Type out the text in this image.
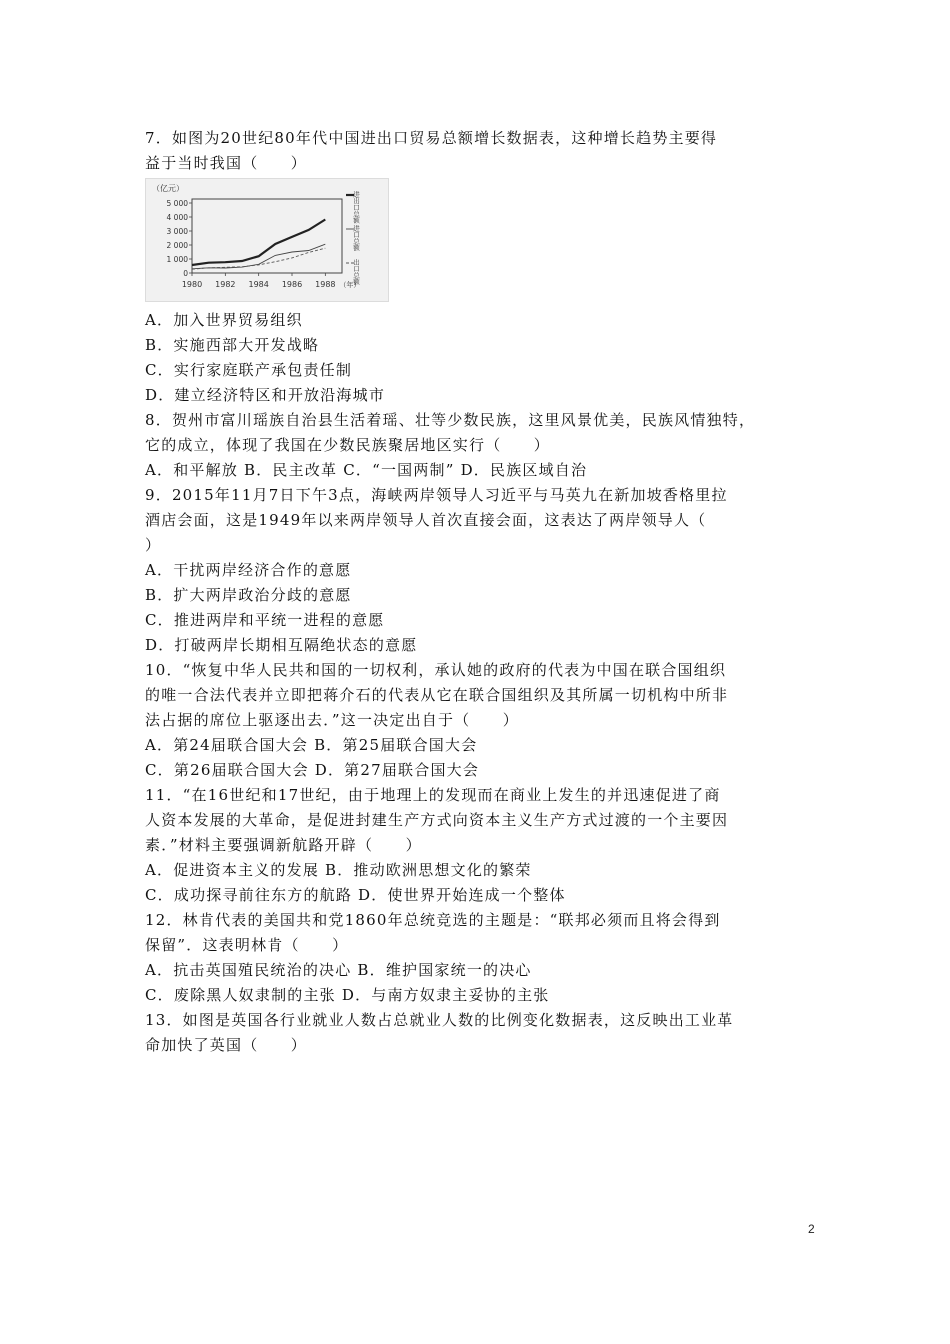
7．如图为20世纪80年代中国进出口贸易总额增长数据表，这种增长趋势主要得
益于当时我国（　　）
（亿元）
5 000
4 000
3 000
2 000
1 000
0
1980 1982 1984 1986 1988 （年）
进出口总额
进口总额
出口总额
A．加入世界贸易组织
B．实施西部大开发战略
C．实行家庭联产承包责任制
D．建立经济特区和开放沿海城市
8．贺州市富川瑶族自治县生活着瑶、壮等少数民族，这里风景优美，民族风情独特，
它的成立，体现了我国在少数民族聚居地区实行（　　）
A．和平解放 B．民主改革 C．“一国两制” D．民族区域自治
9．2015年11月7日下午3点，海峡两岸领导人习近平与马英九在新加坡香格里拉
酒店会面，这是1949年以来两岸领导人首次直接会面，这表达了两岸领导人（
）
A．干扰两岸经济合作的意愿
B．扩大两岸政治分歧的意愿
C．推进两岸和平统一进程的意愿
D．打破两岸长期相互隔绝状态的意愿
10．“恢复中华人民共和国的一切权利，承认她的政府的代表为中国在联合国组织
的唯一合法代表并立即把蒋介石的代表从它在联合国组织及其所属一切机构中所非
法占据的席位上驱逐出去．”这一决定出自于（　　）
A．第24届联合国大会 B．第25届联合国大会
C．第26届联合国大会 D．第27届联合国大会
11．“在16世纪和17世纪，由于地理上的发现而在商业上发生的并迅速促进了商
人资本发展的大革命，是促进封建生产方式向资本主义生产方式过渡的一个主要因
素．”材料主要强调新航路开辟（　　）
A．促进资本主义的发展 B．推动欧洲思想文化的繁荣
C．成功探寻前往东方的航路 D．使世界开始连成一个整体
12．林肯代表的美国共和党1860年总统竞选的主题是：“联邦必须而且将会得到
保留”．这表明林肯（　　）
A．抗击英国殖民统治的决心 B．维护国家统一的决心
C．废除黑人奴隶制的主张 D．与南方奴隶主妥协的主张
13．如图是英国各行业就业人数占总就业人数的比例变化数据表，这反映出工业革
命加快了英国（　　）
2
